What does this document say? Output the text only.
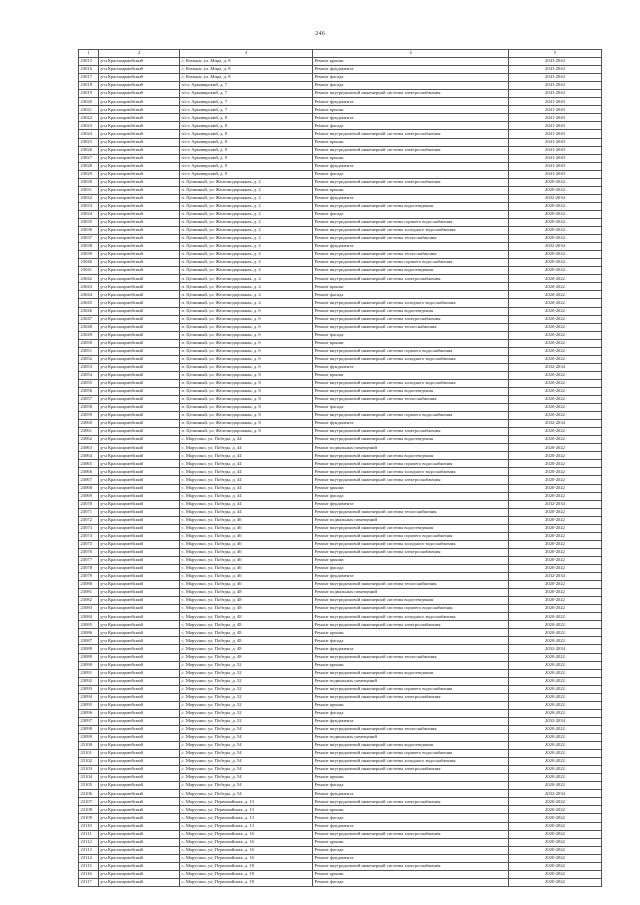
246
1	2	3	4	5
23015	р-н Красноармейский	с. Коммун, ул. Мира, д. 8	Ремонт крыши	2041-2043
23016	р-н Красноармейский	с. Коммун, ул. Мира, д. 8	Ремонт фундамента	2041-2043
23017	р-н Красноармейский	с. Коммун, ул. Мира, д. 8	Ремонт фасада	2041-2043
23018	р-н Красноармейский	п/ст. Армавирский, д. 7	Ремонт фасада	2041-2043
23019	р-н Красноармейский	п/ст. Армавирский, д. 7	Ремонт внутридомовой инженерной системы электроснабжения	2041-2043
23020	р-н Красноармейский	п/ст. Армавирский, д. 7	Ремонт фундамента	2041-2043
23021	р-н Красноармейский	п/ст. Армавирский, д. 7	Ремонт крыши	2041-2043
23022	р-н Красноармейский	п/ст. Армавирский, д. 8	Ремонт фундамента	2041-2043
23023	р-н Красноармейский	п/ст. Армавирский, д. 8	Ремонт фасада	2041-2043
23024	р-н Красноармейский	п/ст. Армавирский, д. 8	Ремонт внутридомовой инженерной системы электроснабжения	2041-2043
23025	р-н Красноармейский	п/ст. Армавирский, д. 8	Ремонт крыши	2041-2043
23026	р-н Красноармейский	п/ст. Армавирский, д. 9	Ремонт внутридомовой инженерной системы электроснабжения	2041-2043
23027	р-н Красноармейский	п/ст. Армавирский, д. 9	Ремонт крыши	2041-2043
23028	р-н Красноармейский	п/ст. Армавирский, д. 9	Ремонт фундамента	2041-2043
23029	р-н Красноармейский	п/ст. Армавирский, д. 9	Ремонт фасада	2041-2043
23030	р-н Красноармейский	п. Целинный, ул. Железнодорожная, д. 2	Ремонт внутридомовой инженерной системы электроснабжения	2020-2022
23031	р-н Красноармейский	п. Целинный, ул. Железнодорожная, д. 2	Ремонт крыши	2020-2022
23032	р-н Красноармейский	п. Целинный, ул. Железнодорожная, д. 2	Ремонт фундамента	2032-2034
23033	р-н Красноармейский	п. Целинный, ул. Железнодорожная, д. 2	Ремонт внутридомовой инженерной системы водоотведения	2020-2022
23034	р-н Красноармейский	п. Целинный, ул. Железнодорожная, д. 2	Ремонт фасада	2020-2022
23035	р-н Красноармейский	п. Целинный, ул. Железнодорожная, д. 2	Ремонт внутридомовой инженерной системы горячего водоснабжения	2020-2022
23036	р-н Красноармейский	п. Целинный, ул. Железнодорожная, д. 2	Ремонт внутридомовой инженерной системы холодного водоснабжения	2020-2022
23037	р-н Красноармейский	п. Целинный, ул. Железнодорожная, д. 2	Ремонт внутридомовой инженерной системы теплоснабжения	2020-2022
23038	р-н Красноармейский	п. Целинный, ул. Железнодорожная, д. 4	Ремонт фундамента	2032-2034
23039	р-н Красноармейский	п. Целинный, ул. Железнодорожная, д. 4	Ремонт внутридомовой инженерной системы теплоснабжения	2020-2022
23040	р-н Красноармейский	п. Целинный, ул. Железнодорожная, д. 4	Ремонт внутридомовой инженерной системы горячего водоснабжения	2020-2022
23041	р-н Красноармейский	п. Целинный, ул. Железнодорожная, д. 4	Ремонт внутридомовой инженерной системы водоотведения	2020-2022
23042	р-н Красноармейский	п. Целинный, ул. Железнодорожная, д. 4	Ремонт внутридомовой инженерной системы электроснабжения	2020-2022
23043	р-н Красноармейский	п. Целинный, ул. Железнодорожная, д. 4	Ремонт крыши	2020-2022
23044	р-н Красноармейский	п. Целинный, ул. Железнодорожная, д. 4	Ремонт фасада	2020-2022
23045	р-н Красноармейский	п. Целинный, ул. Железнодорожная, д. 4	Ремонт внутридомовой инженерной системы холодного водоснабжения	2020-2022
23046	р-н Красноармейский	п. Целинный, ул. Железнодорожная, д. 6	Ремонт внутридомовой инженерной системы водоотведения	2020-2022
23047	р-н Красноармейский	п. Целинный, ул. Железнодорожная, д. 6	Ремонт внутридомовой инженерной системы электроснабжения	2020-2022
23048	р-н Красноармейский	п. Целинный, ул. Железнодорожная, д. 6	Ремонт внутридомовой инженерной системы теплоснабжения	2020-2022
23049	р-н Красноармейский	п. Целинный, ул. Железнодорожная, д. 6	Ремонт фасада	2020-2022
23050	р-н Красноармейский	п. Целинный, ул. Железнодорожная, д. 6	Ремонт крыши	2020-2022
23051	р-н Красноармейский	п. Целинный, ул. Железнодорожная, д. 6	Ремонт внутридомовой инженерной системы горячего водоснабжения	2020-2022
23052	р-н Красноармейский	п. Целинный, ул. Железнодорожная, д. 6	Ремонт внутридомовой инженерной системы холодного водоснабжения	2020-2022
23053	р-н Красноармейский	п. Целинный, ул. Железнодорожная, д. 6	Ремонт фундамента	2032-2034
23054	р-н Красноармейский	п. Целинный, ул. Железнодорожная, д. 8	Ремонт крыши	2020-2022
23055	р-н Красноармейский	п. Целинный, ул. Железнодорожная, д. 8	Ремонт внутридомовой инженерной системы холодного водоснабжения	2020-2022
23056	р-н Красноармейский	п. Целинный, ул. Железнодорожная, д. 8	Ремонт внутридомовой инженерной системы водоотведения	2020-2022
23057	р-н Красноармейский	п. Целинный, ул. Железнодорожная, д. 8	Ремонт внутридомовой инженерной системы теплоснабжения	2020-2022
23058	р-н Красноармейский	п. Целинный, ул. Железнодорожная, д. 8	Ремонт фасада	2020-2022
23059	р-н Красноармейский	п. Целинный, ул. Железнодорожная, д. 8	Ремонт внутридомовой инженерной системы горячего водоснабжения	2020-2022
23060	р-н Красноармейский	п. Целинный, ул. Железнодорожная, д. 8	Ремонт фундамента	2032-2034
23061	р-н Красноармейский	п. Целинный, ул. Железнодорожная, д. 8	Ремонт внутридомовой инженерной системы электроснабжения	2020-2022
23062	р-н Красноармейский	с. Марусино, ул. Победы, д. 44	Ремонт внутридомовой инженерной системы водоотведения	2020-2022
23063	р-н Красноармейский	с. Марусино, ул. Победы, д. 44	Ремонт подвальных помещений	2020-2022
23064	р-н Красноармейский	с. Марусино, ул. Победы, д. 44	Ремонт внутридомовой инженерной системы водоотведения	2020-2022
23065	р-н Красноармейский	с. Марусино, ул. Победы, д. 44	Ремонт внутридомовой инженерной системы горячего водоснабжения	2020-2022
23066	р-н Красноармейский	с. Марусино, ул. Победы, д. 44	Ремонт внутридомовой инженерной системы холодного водоснабжения	2020-2022
23067	р-н Красноармейский	с. Марусино, ул. Победы, д. 44	Ремонт внутридомовой инженерной системы электроснабжения	2020-2022
23068	р-н Красноармейский	с. Марусино, ул. Победы, д. 44	Ремонт крыши	2020-2022
23069	р-н Красноармейский	с. Марусино, ул. Победы, д. 44	Ремонт фасада	2020-2022
23070	р-н Красноармейский	с. Марусино, ул. Победы, д. 44	Ремонт фундамента	2032-2034
23071	р-н Красноармейский	с. Марусино, ул. Победы, д. 44	Ремонт внутридомовой инженерной системы теплоснабжения	2020-2022
23072	р-н Красноармейский	с. Марусино, ул. Победы, д. 46	Ремонт подвальных помещений	2020-2022
23073	р-н Красноармейский	с. Марусино, ул. Победы, д. 46	Ремонт внутридомовой инженерной системы водоотведения	2020-2022
23074	р-н Красноармейский	с. Марусино, ул. Победы, д. 46	Ремонт внутридомовой инженерной системы горячего водоснабжения	2020-2022
23075	р-н Красноармейский	с. Марусино, ул. Победы, д. 46	Ремонт внутридомовой инженерной системы холодного водоснабжения	2020-2022
23076	р-н Красноармейский	с. Марусино, ул. Победы, д. 46	Ремонт внутридомовой инженерной системы электроснабжения	2020-2022
23077	р-н Красноармейский	с. Марусино, ул. Победы, д. 46	Ремонт крыши	2020-2022
23078	р-н Красноармейский	с. Марусино, ул. Победы, д. 46	Ремонт фасада	2020-2022
23079	р-н Красноармейский	с. Марусино, ул. Победы, д. 46	Ремонт фундамента	2032-2034
23080	р-н Красноармейский	с. Марусино, ул. Победы, д. 46	Ремонт внутридомовой инженерной системы теплоснабжения	2020-2022
23081	р-н Красноармейский	с. Марусино, ул. Победы, д. 48	Ремонт подвальных помещений	2020-2022
23082	р-н Красноармейский	с. Марусино, ул. Победы, д. 48	Ремонт внутридомовой инженерной системы водоотведения	2020-2022
23083	р-н Красноармейский	с. Марусино, ул. Победы, д. 48	Ремонт внутридомовой инженерной системы горячего водоснабжения	2020-2022
23084	р-н Красноармейский	с. Марусино, ул. Победы, д. 48	Ремонт внутридомовой инженерной системы холодного водоснабжения	2020-2022
23085	р-н Красноармейский	с. Марусино, ул. Победы, д. 48	Ремонт внутридомовой инженерной системы электроснабжения	2020-2022
23086	р-н Красноармейский	с. Марусино, ул. Победы, д. 48	Ремонт крыши	2020-2022
23087	р-н Красноармейский	с. Марусино, ул. Победы, д. 48	Ремонт фасада	2020-2022
23088	р-н Красноармейский	с. Марусино, ул. Победы, д. 48	Ремонт фундамента	2032-2034
23089	р-н Красноармейский	с. Марусино, ул. Победы, д. 48	Ремонт внутридомовой инженерной системы теплоснабжения	2020-2022
23090	р-н Красноармейский	с. Марусино, ул. Победы, д. 52	Ремонт крыши	2020-2022
23091	р-н Красноармейский	с. Марусино, ул. Победы, д. 52	Ремонт внутридомовой инженерной системы водоотведения	2020-2022
23092	р-н Красноармейский	с. Марусино, ул. Победы, д. 52	Ремонт подвальных помещений	2020-2022
23093	р-н Красноармейский	с. Марусино, ул. Победы, д. 52	Ремонт внутридомовой инженерной системы горячего водоснабжения	2020-2022
23094	р-н Красноармейский	с. Марусино, ул. Победы, д. 52	Ремонт внутридомовой инженерной системы электроснабжения	2020-2022
23095	р-н Красноармейский	с. Марусино, ул. Победы, д. 52	Ремонт крыши	2020-2022
23096	р-н Красноармейский	с. Марусино, ул. Победы, д. 52	Ремонт фасада	2020-2022
23097	р-н Красноармейский	с. Марусино, ул. Победы, д. 52	Ремонт фундамента	2032-2034
23098	р-н Красноармейский	с. Марусино, ул. Победы, д. 54	Ремонт внутридомовой инженерной системы теплоснабжения	2020-2022
23099	р-н Красноармейский	с. Марусино, ул. Победы, д. 54	Ремонт подвальных помещений	2020-2022
23100	р-н Красноармейский	с. Марусино, ул. Победы, д. 54	Ремонт внутридомовой инженерной системы водоотведения	2020-2022
23101	р-н Красноармейский	с. Марусино, ул. Победы, д. 54	Ремонт внутридомовой инженерной системы горячего водоснабжения	2020-2022
23102	р-н Красноармейский	с. Марусино, ул. Победы, д. 54	Ремонт внутридомовой инженерной системы холодного водоснабжения	2020-2022
23103	р-н Красноармейский	с. Марусино, ул. Победы, д. 54	Ремонт внутридомовой инженерной системы электроснабжения	2020-2022
23104	р-н Красноармейский	с. Марусино, ул. Победы, д. 54	Ремонт крыши	2020-2022
23105	р-н Красноармейский	с. Марусино, ул. Победы, д. 54	Ремонт фасада	2020-2022
23106	р-н Красноармейский	с. Марусино, ул. Победы, д. 54	Ремонт фундамента	2032-2034
23107	р-н Красноармейский	с. Марусино, ул. Первомайская, д. 13	Ремонт внутридомовой инженерной системы электроснабжения	2020-2022
23108	р-н Красноармейский	с. Марусино, ул. Первомайская, д. 13	Ремонт крыши	2020-2022
23109	р-н Красноармейский	с. Марусино, ул. Первомайская, д. 13	Ремонт фасада	2020-2022
23110	р-н Красноармейский	с. Марусино, ул. Первомайская, д. 13	Ремонт фундамента	2020-2022
23111	р-н Красноармейский	с. Марусино, ул. Первомайская, д. 16	Ремонт внутридомовой инженерной системы электроснабжения	2020-2022
23112	р-н Красноармейский	с. Марусино, ул. Первомайская, д. 16	Ремонт крыши	2020-2022
23113	р-н Красноармейский	с. Марусино, ул. Первомайская, д. 16	Ремонт фасада	2020-2022
23114	р-н Красноармейский	с. Марусино, ул. Первомайская, д. 16	Ремонт фундамента	2020-2022
23115	р-н Красноармейский	с. Марусино, ул. Первомайская, д. 18	Ремонт внутридомовой инженерной системы электроснабжения	2020-2022
23116	р-н Красноармейский	с. Марусино, ул. Первомайская, д. 18	Ремонт крыши	2020-2022
23117	р-н Красноармейский	с. Марусино, ул. Первомайская, д. 18	Ремонт фасада	2020-2022
